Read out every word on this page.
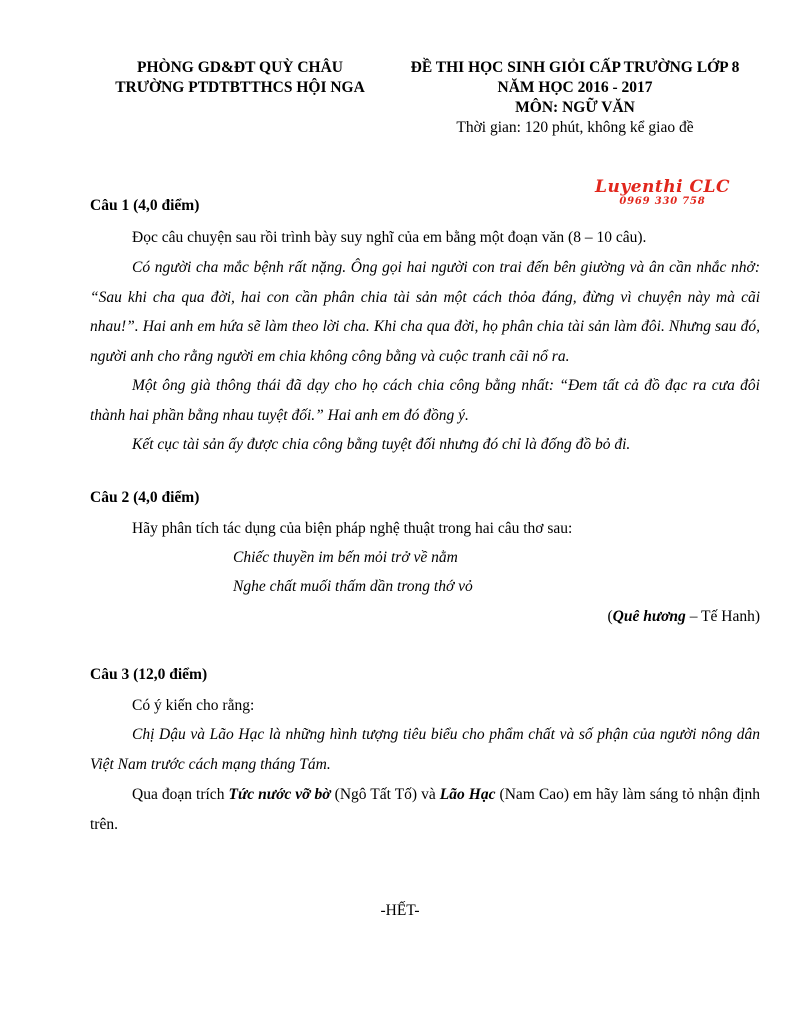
PHÒNG GD&ĐT QUỲ CHÂU
TRƯỜNG PTDTBTTHCS HỘI NGA
ĐỀ THI HỌC SINH GIỎI CẤP TRƯỜNG LỚP 8
NĂM HỌC 2016 - 2017
MÔN: NGỮ VĂN
Thời gian: 120 phút, không kể giao đề
Luyenthi CLC
0969 330 758
Câu 1 (4,0 điểm)
Đọc câu chuyện sau rồi trình bày suy nghĩ của em bằng một đoạn văn (8 – 10 câu).
Có người cha mắc bệnh rất nặng. Ông gọi hai người con trai đến bên giường và ân cần nhắc nhở: “Sau khi cha qua đời, hai con cần phân chia tài sản một cách thỏa đáng, đừng vì chuyện này mà cãi nhau!”. Hai anh em hứa sẽ làm theo lời cha. Khi cha qua đời, họ phân chia tài sản làm đôi. Nhưng sau đó, người anh cho rằng người em chia không công bằng và cuộc tranh cãi nổ ra.
Một ông già thông thái đã dạy cho họ cách chia công bằng nhất: “Đem tất cả đồ đạc ra cưa đôi thành hai phần bằng nhau tuyệt đối.” Hai anh em đó đồng ý.
Kết cục tài sản ấy được chia công bằng tuyệt đối nhưng đó chỉ là đống đồ bỏ đi.
Câu 2 (4,0 điểm)
Hãy phân tích tác dụng của biện pháp nghệ thuật trong hai câu thơ sau:
Chiếc thuyền im bến mỏi trở về nằm
Nghe chất muối thấm dần trong thớ vỏ
(Quê hương – Tế Hanh)
Câu 3 (12,0 điểm)
Có ý kiến cho rằng:
Chị Dậu và Lão Hạc là những hình tượng tiêu biểu cho phẩm chất và số phận của người nông dân Việt Nam trước cách mạng tháng Tám.
Qua đoạn trích Tức nước vỡ bờ (Ngô Tất Tố) và Lão Hạc (Nam Cao) em hãy làm sáng tỏ nhận định trên.
-HẾT-
